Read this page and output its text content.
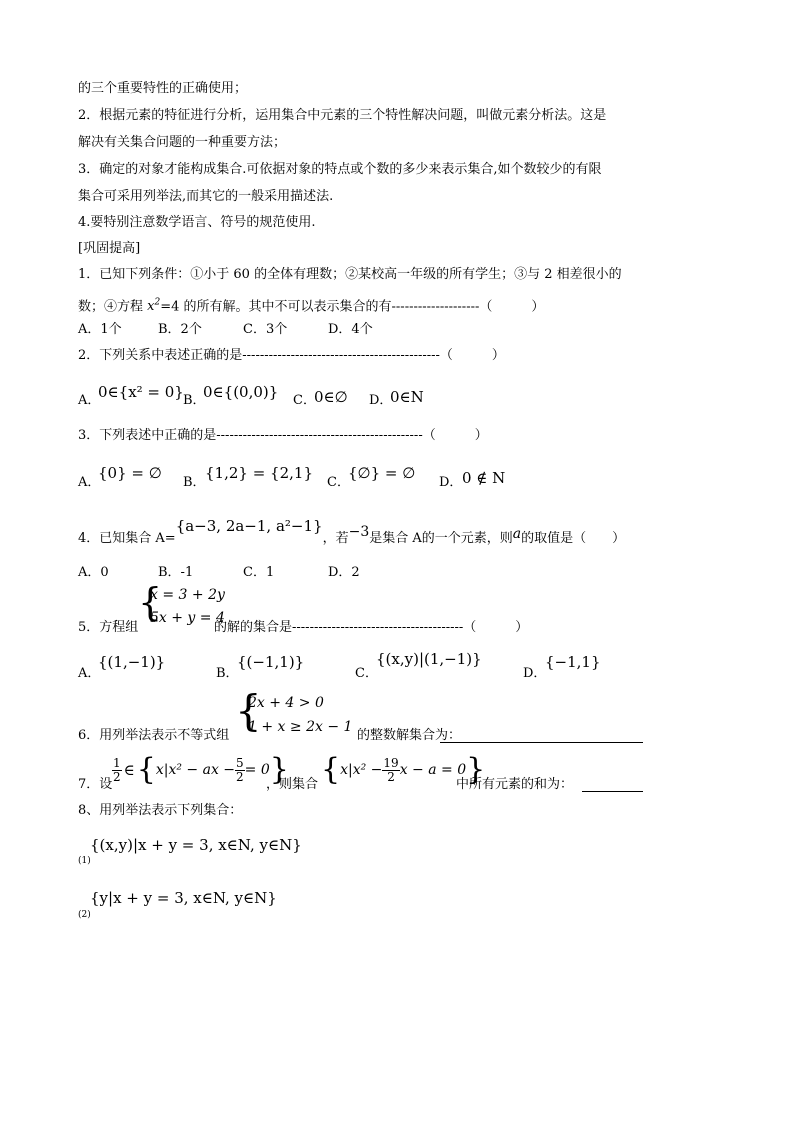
的三个重要特性的正确使用；
2．根据元素的特征进行分析，运用集合中元素的三个特性解决问题，叫做元素分析法。这是
解决有关集合问题的一种重要方法；
3．确定的对象才能构成集合.可依据对象的特点或个数的多少来表示集合,如个数较少的有限
集合可采用列举法,而其它的一般采用描述法.
4.要特别注意数学语言、符号的规范使用.
[巩固提高]
1．已知下列条件：①小于 60 的全体有理数；②某校高一年级的所有学生；③与 2 相差很小的
数；④方程 $x^2=4$ 的所有解。其中不可以表示集合的有--------------------（　　　）
A．1个	B．2个	C．3个	D．4个
2．下列关系中表述正确的是---------------------------------------------（　　　）
A．
0∈{x² = 0} B．
0∈{(0,0)} C．
0∈∅ D．
0∈N
3．下列表述中正确的是-----------------------------------------------（　　　）
A．
{0} = ∅
B．
{1,2} = {2,1}
C．
{∅} = ∅
D． 0 ∉ N
4．已知集合 A={a−3, 2a−1, a²−1}，若−3是集合 A的一个元素，则a的取值是（　　）
A．0	B．-1	C．1	D．2
{
x = 3 + 2y
5x + y = 4
5．方程组	的解的集合是---------------------------------------（　　　）
A．
{(1,−1)}
B．
{(−1,1)}
C．
{(x,y)|(1,−1)}
D．
{−1,1}
{
2x + 4 > 0
1 + x ≥ 2x − 1
6．用列举法表示不等式组	的整数解集合为：
7．设
$\frac{1}{2}$ ∈ { x|x² − ax − $\frac{5}{2} = 0$ }
，则集合 { $x|x^2 - \frac{19}{2}$ x − a = 0 }
中所有元素的和为：
8、用列举法表示下列集合：
(1)
{(x,y)|x + y = 3, x∈N, y∈N}
(2)
{y|x + y = 3, x∈N, y∈N}
